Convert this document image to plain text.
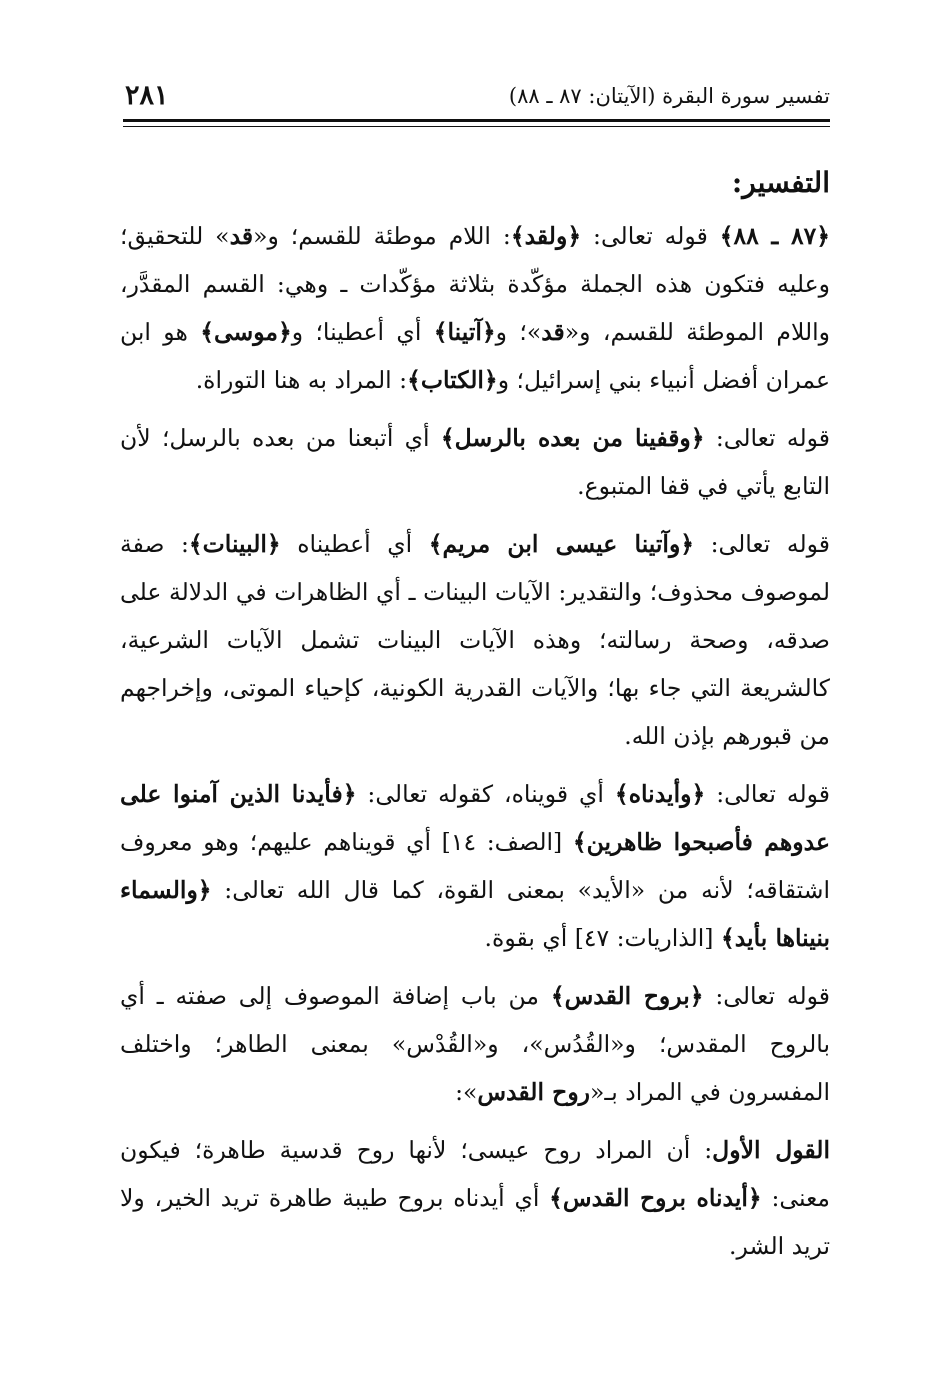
تفسير سورة البقرة (الآيتان: ٨٧ ـ ٨٨)
٢٨١
التفسير:
﴿٨٧ ـ ٨٨﴾ قوله تعالى: ﴿ولقد﴾: اللام موطئة للقسم؛ و«قد» للتحقيق؛ وعليه فتكون هذه الجملة مؤكّدة بثلاثة مؤكّدات ـ وهي: القسم المقدَّر، واللام الموطئة للقسم، و«قد»؛ و﴿آتينا﴾ أي أعطينا؛ و﴿موسى﴾ هو ابن عمران أفضل أنبياء بني إسرائيل؛ و﴿الكتاب﴾: المراد به هنا التوراة.
قوله تعالى: ﴿وقفينا من بعده بالرسل﴾ أي أتبعنا من بعده بالرسل؛ لأن التابع يأتي في قفا المتبوع.
قوله تعالى: ﴿وآتينا عيسى ابن مريم﴾ أي أعطيناه ﴿البينات﴾: صفة لموصوف محذوف؛ والتقدير: الآيات البينات ـ أي الظاهرات في الدلالة على صدقه، وصحة رسالته؛ وهذه الآيات البينات تشمل الآيات الشرعية، كالشريعة التي جاء بها؛ والآيات القدرية الكونية، كإحياء الموتى، وإخراجهم من قبورهم بإذن الله.
قوله تعالى: ﴿وأيدناه﴾ أي قويناه، كقوله تعالى: ﴿فأيدنا الذين آمنوا على عدوهم فأصبحوا ظاهرين﴾ [الصف: ١٤] أي قويناهم عليهم؛ وهو معروف اشتقاقه؛ لأنه من «الأيد» بمعنى القوة، كما قال الله تعالى: ﴿والسماء بنيناها بأيد﴾ [الذاريات: ٤٧] أي بقوة.
قوله تعالى: ﴿بروح القدس﴾ من باب إضافة الموصوف إلى صفته ـ أي بالروح المقدس؛ و«القُدُس»، و«القُدْس» بمعنى الطاهر؛ واختلف المفسرون في المراد بـ«روح القدس»:
القول الأول: أن المراد روح عيسى؛ لأنها روح قدسية طاهرة؛ فيكون معنى: ﴿أيدناه بروح القدس﴾ أي أيدناه بروح طيبة طاهرة تريد الخير، ولا تريد الشر.
